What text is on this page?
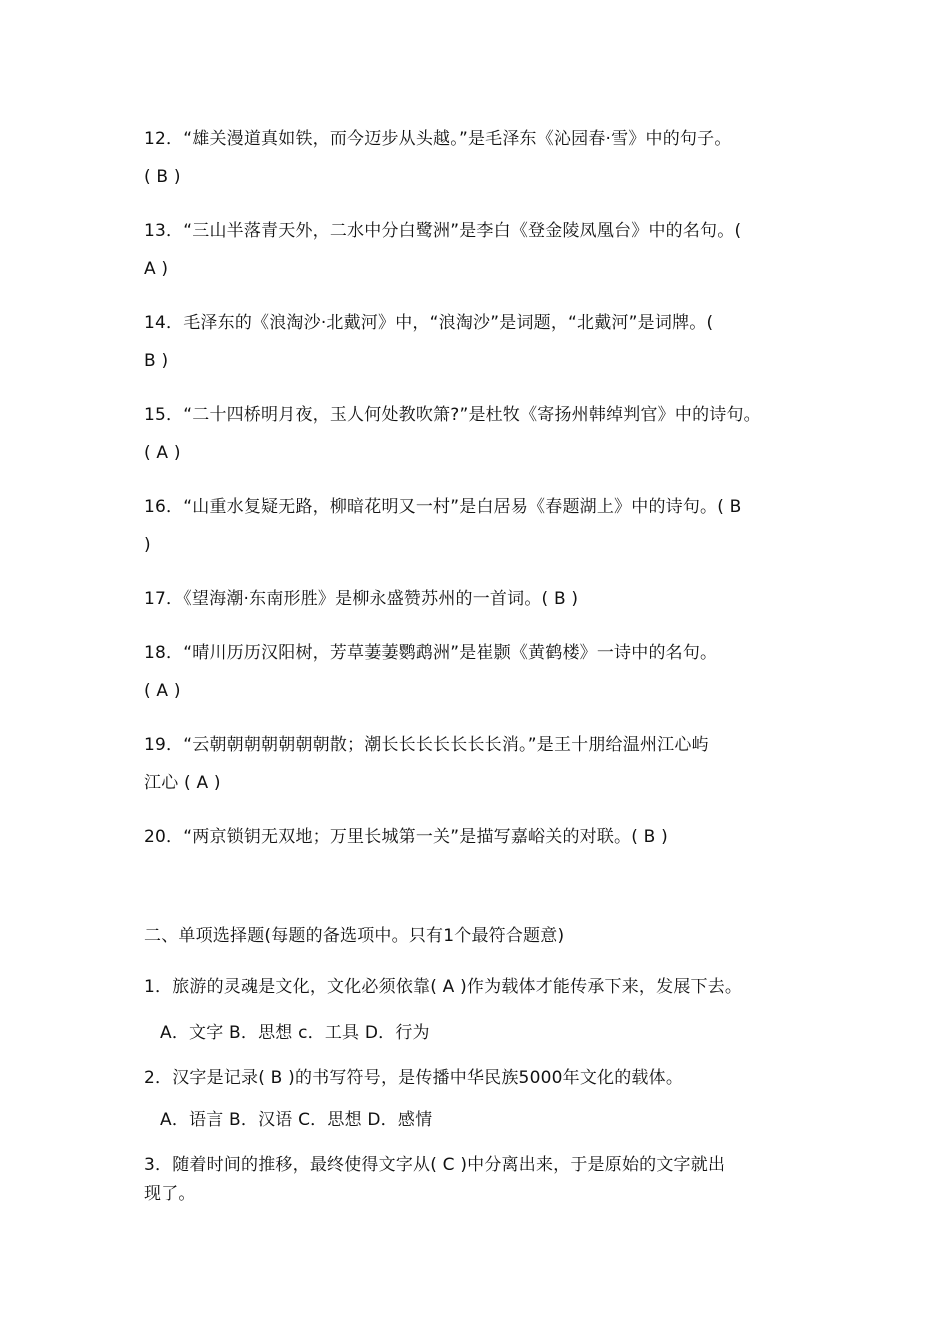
12．“雄关漫道真如铁，而今迈步从头越。”是毛泽东《沁园春·雪》中的句子。
( B )
13．“三山半落青天外，二水中分白鹭洲”是李白《登金陵凤凰台》中的名句。(
A )
14．毛泽东的《浪淘沙·北戴河》中，“浪淘沙”是词题，“北戴河”是词牌。(
B )
15．“二十四桥明月夜，玉人何处教吹箫?”是杜牧《寄扬州韩绰判官》中的诗句。
( A )
16．“山重水复疑无路，柳暗花明又一村”是白居易《春题湖上》中的诗句。( B
)
17．《望海潮·东南形胜》是柳永盛赞苏州的一首词。( B )
18．“晴川历历汉阳树，芳草萋萋鹦鹉洲”是崔颢《黄鹤楼》一诗中的名句。
( A )
19．“云朝朝朝朝朝朝朝散；潮长长长长长长长消。”是王十朋给温州江心屿
江心 ( A )
20．“两京锁钥无双地；万里长城第一关”是描写嘉峪关的对联。( B )
二、单项选择题(每题的备选项中。只有1个最符合题意)
1．旅游的灵魂是文化，文化必须依靠( A )作为载体才能传承下来，发展下去。
A．文字 B．思想 c．工具 D．行为
2．汉字是记录( B )的书写符号，是传播中华民族5000年文化的载体。
A．语言 B．汉语 C．思想 D．感情
3．随着时间的推移，最终使得文字从( C )中分离出来，于是原始的文字就出
现了。
